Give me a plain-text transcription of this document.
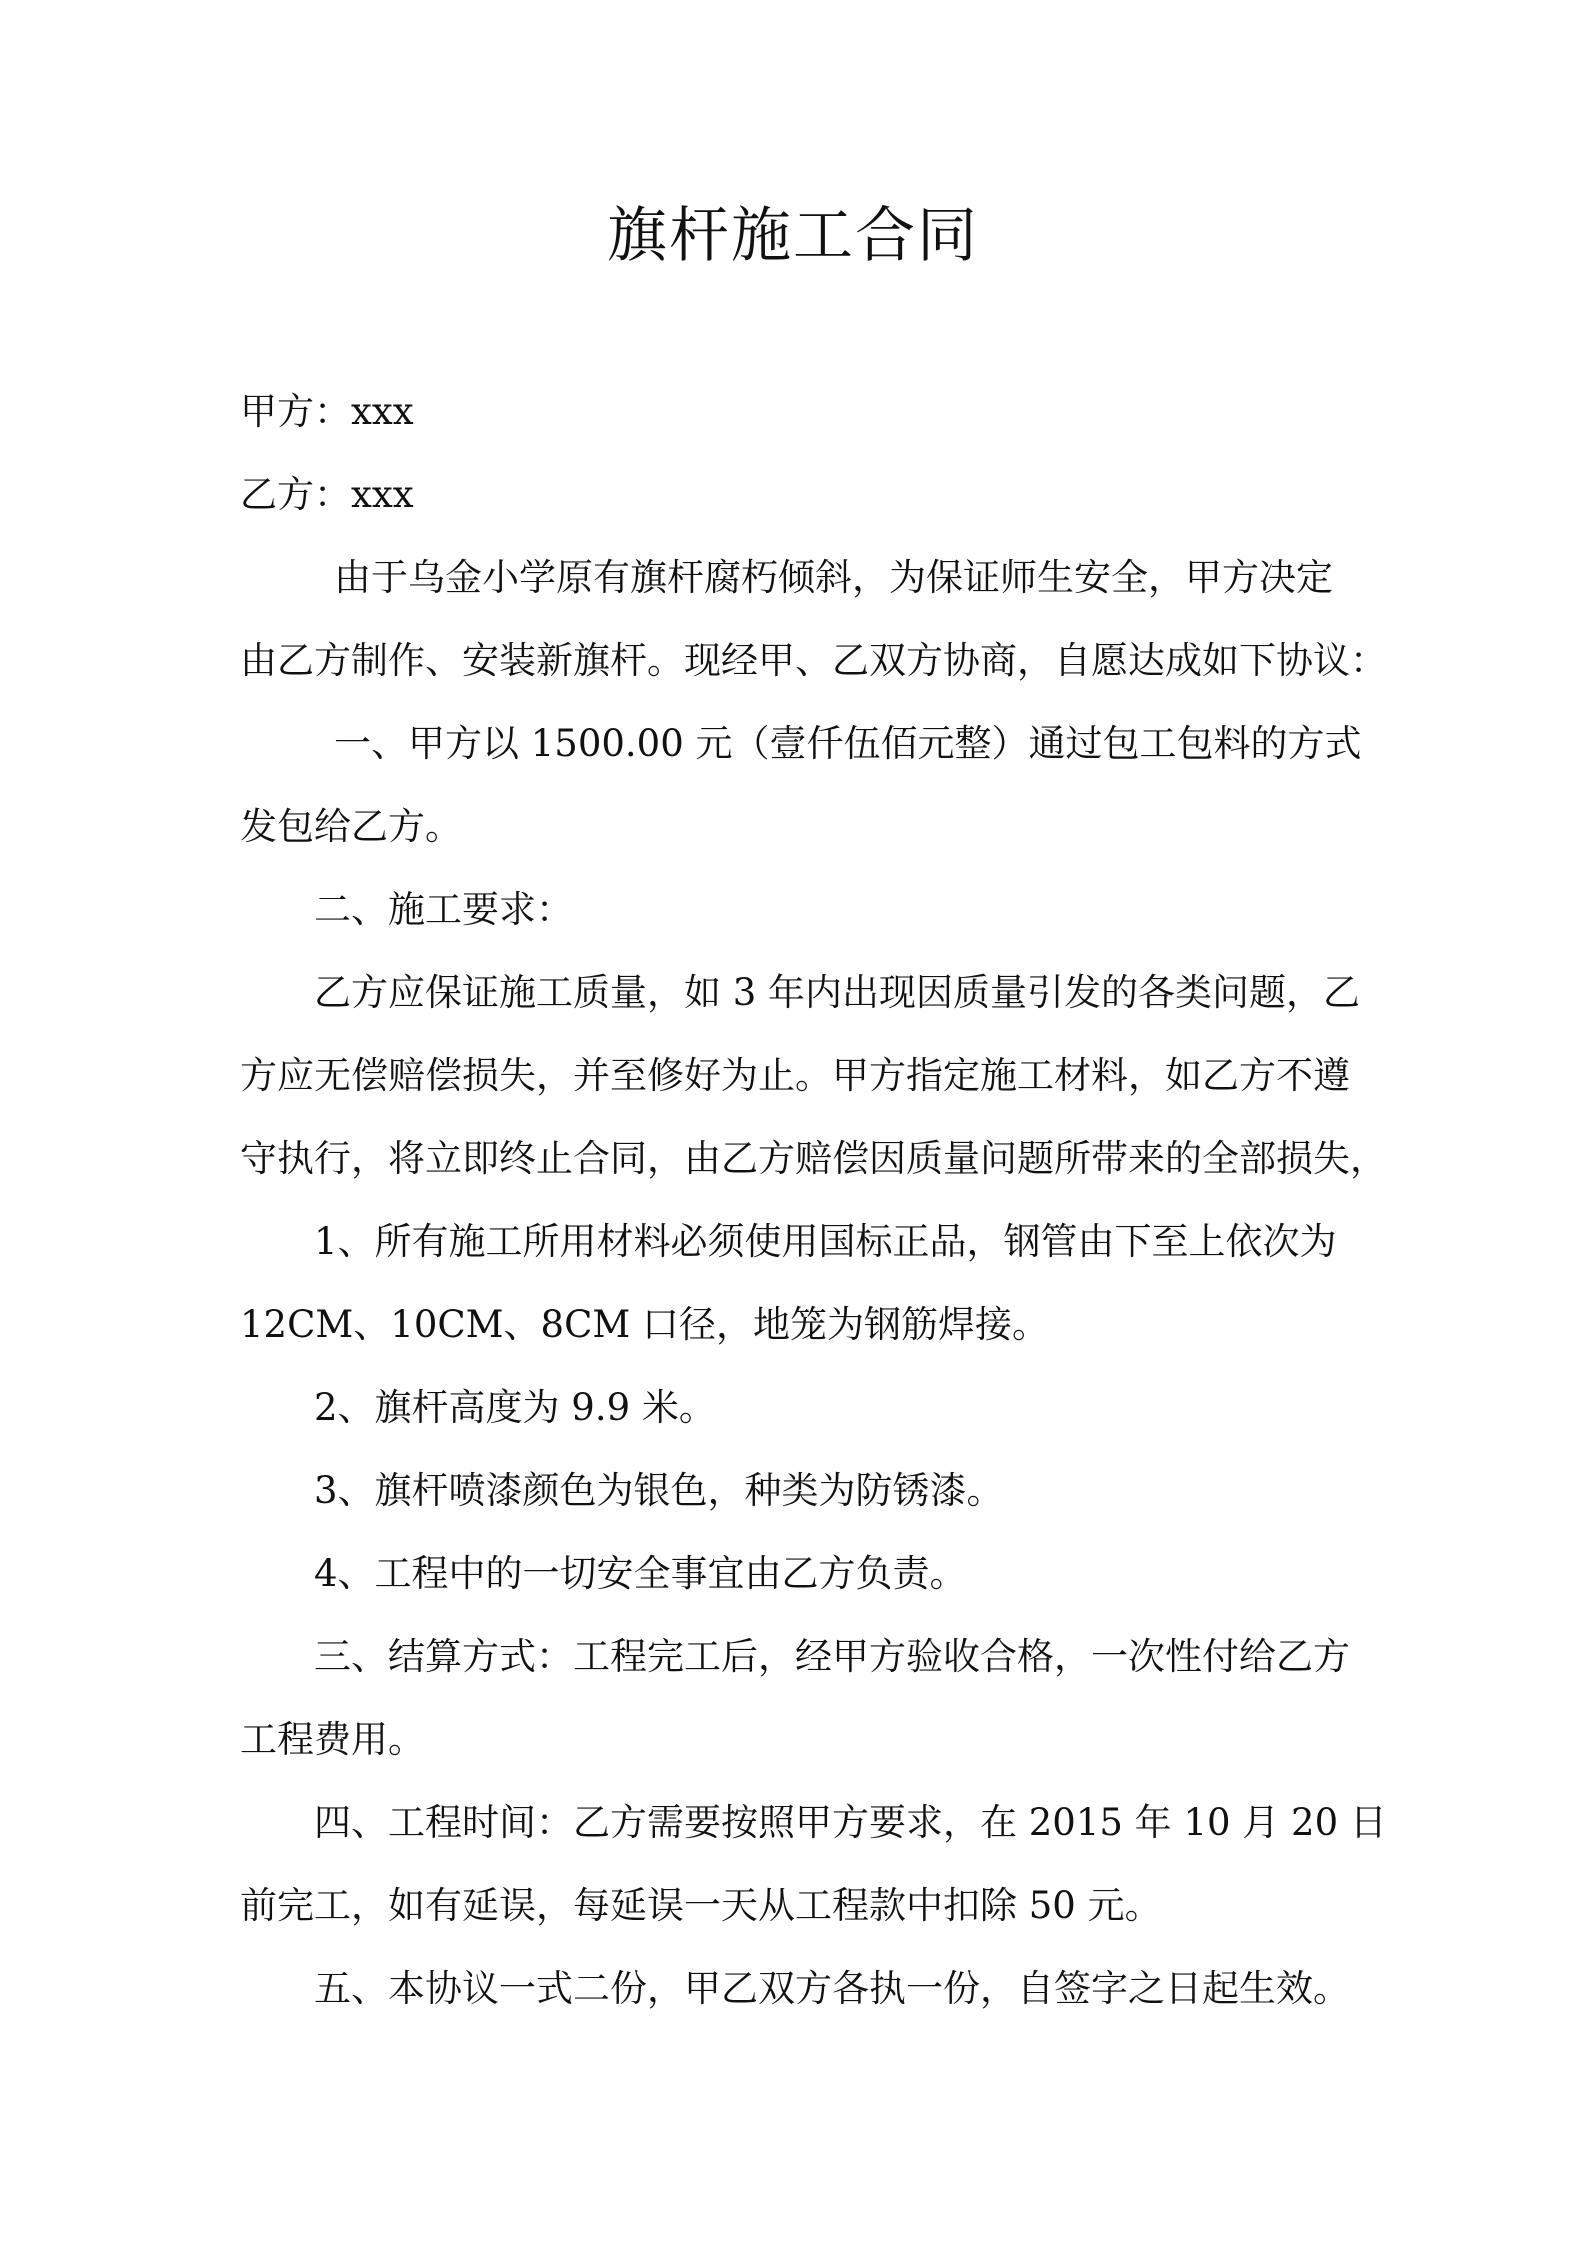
旗杆施工合同

甲方：xxx

乙方：xxx

由于乌金小学原有旗杆腐朽倾斜，为保证师生安全，甲方决定

由乙方制作、安装新旗杆。现经甲、乙双方协商，自愿达成如下协议：

一、甲方以 1500.00 元（壹仟伍佰元整）通过包工包料的方式

发包给乙方。

二、施工要求：

乙方应保证施工质量，如 3 年内出现因质量引发的各类问题，乙

方应无偿赔偿损失，并至修好为止。甲方指定施工材料，如乙方不遵

守执行，将立即终止合同，由乙方赔偿因质量问题所带来的全部损失，

1、所有施工所用材料必须使用国标正品，钢管由下至上依次为

12CM、10CM、8CM 口径，地笼为钢筋焊接。

2、旗杆高度为 9.9 米。

3、旗杆喷漆颜色为银色，种类为防锈漆。

4、工程中的一切安全事宜由乙方负责。

三、结算方式：工程完工后，经甲方验收合格，一次性付给乙方

工程费用。

四、工程时间：乙方需要按照甲方要求，在 2015 年 10 月 20 日

前完工，如有延误，每延误一天从工程款中扣除 50 元。

五、本协议一式二份，甲乙双方各执一份，自签字之日起生效。
